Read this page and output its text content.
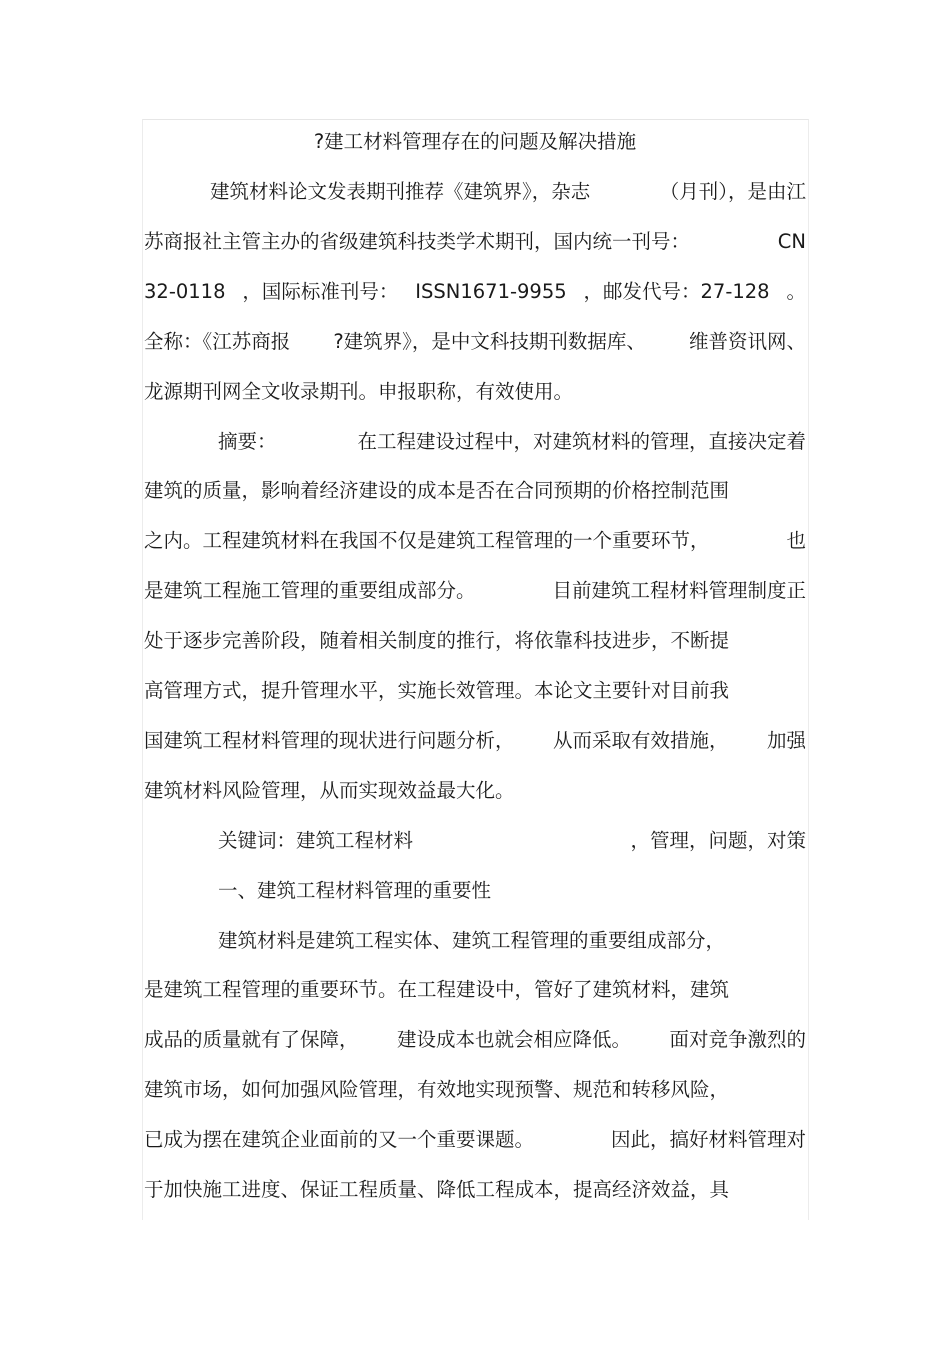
?建工材料管理存在的问题及解决措施
建筑材料论文发表期刊推荐《建筑界》，杂志	（月刊），是由江
苏商报社主管主办的省级建筑科技类学术期刊，国内统一刊号：	CN
32-0118 ，国际标准刊号： ISSN1671-9955 ，邮发代号：27-128 。
全称：《江苏商报 ?建筑界》，是中文科技期刊数据库、 维普资讯网、
龙源期刊网全文收录期刊。申报职称，有效使用。
摘要：	在工程建设过程中，对建筑材料的管理，直接决定着
建筑的质量，影响着经济建设的成本是否在合同预期的价格控制范围
之内。工程建筑材料在我国不仅是建筑工程管理的一个重要环节，	也
是建筑工程施工管理的重要组成部分。	目前建筑工程材料管理制度正
处于逐步完善阶段，随着相关制度的推行，将依靠科技进步，不断提
高管理方式，提升管理水平，实施长效管理。本论文主要针对目前我
国建筑工程材料管理的现状进行问题分析， 从而采取有效措施， 加强
建筑材料风险管理，从而实现效益最大化。
关键词：建筑工程材料	，管理，问题，对策
一、建筑工程材料管理的重要性
建筑材料是建筑工程实体、建筑工程管理的重要组成部分，
是建筑工程管理的重要环节。在工程建设中，管好了建筑材料，建筑
成品的质量就有了保障， 建设成本也就会相应降低。 面对竞争激烈的
建筑市场，如何加强风险管理，有效地实现预警、规范和转移风险，
已成为摆在建筑企业面前的又一个重要课题。	因此，搞好材料管理对
于加快施工进度、保证工程质量、降低工程成本，提高经济效益，具
